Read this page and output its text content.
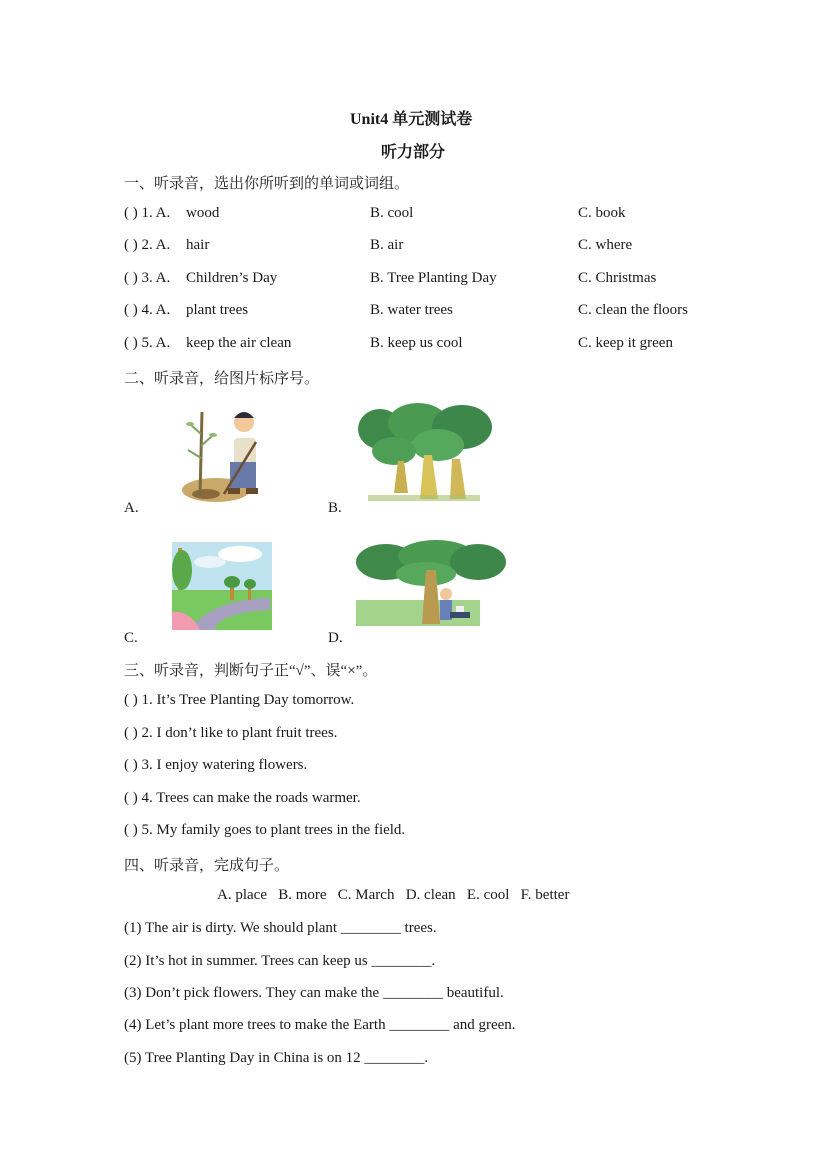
Unit4 单元测试卷
听力部分
一、听录音，选出你所听到的单词或词组。
( ) 1. A. wood	B. cool	C. book
( ) 2. A. hair	B. air	C. where
( ) 3. A. Children’s Day	B. Tree Planting Day	C. Christmas
( ) 4. A. plant trees	B. water trees	C. clean the floors
( ) 5. A. keep the air clean	B. keep us cool	C. keep it green
二、听录音，给图片标序号。
A.	B.
C.	D.
三、听录音，判断句子正“√”、误“×”。
( ) 1. It’s Tree Planting Day tomorrow.
( ) 2. I don’t like to plant fruit trees.
( ) 3. I enjoy watering flowers.
( ) 4. Trees can make the roads warmer.
( ) 5. My family goes to plant trees in the field.
四、听录音，完成句子。
A. place   B. more   C. March   D. clean   E. cool   F. better
(1) The air is dirty. We should plant ________ trees.
(2) It’s hot in summer. Trees can keep us ________.
(3) Don’t pick flowers. They can make the ________ beautiful.
(4) Let’s plant more trees to make the Earth ________ and green.
(5) Tree Planting Day in China is on 12 ________.
